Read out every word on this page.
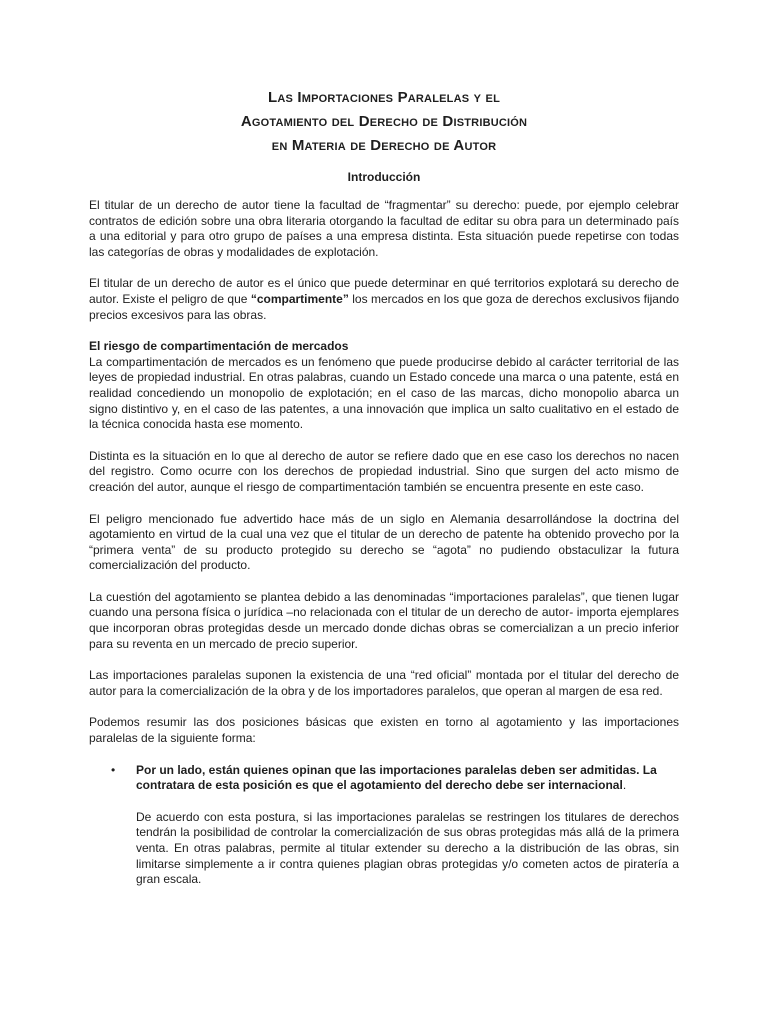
Las Importaciones Paralelas y el
Agotamiento del Derecho de Distribución
en Materia de Derecho de Autor
Introducción

El titular de un derecho de autor tiene la facultad de “fragmentar” su derecho: puede, por ejemplo celebrar contratos de edición sobre una obra literaria otorgando la facultad de editar su obra para un determinado país a una editorial y para otro grupo de países a una empresa distinta. Esta situación puede repetirse con todas las categorías de obras y modalidades de explotación.

El titular de un derecho de autor es el único que puede determinar en qué territorios explotará su derecho de autor. Existe el peligro de que “compartimente” los mercados en los que goza de derechos exclusivos fijando precios excesivos para las obras.

El riesgo de compartimentación de mercados

La compartimentación de mercados es un fenómeno que puede producirse debido al carácter territorial de las leyes de propiedad industrial. En otras palabras, cuando un Estado concede una marca o una patente, está en realidad concediendo un monopolio de explotación; en el caso de las marcas, dicho monopolio abarca un signo distintivo y, en el caso de las patentes, a una innovación que implica un salto cualitativo en el estado de la técnica conocida hasta ese momento.

Distinta es la situación en lo que al derecho de autor se refiere dado que en ese caso los derechos no nacen del registro. Como ocurre con los derechos de propiedad industrial. Sino que surgen del acto mismo de creación del autor, aunque el riesgo de compartimentación también se encuentra presente en este caso.

El peligro mencionado fue advertido hace más de un siglo en Alemania desarrollándose la doctrina del agotamiento en virtud de la cual una vez que el titular de un derecho de patente ha obtenido provecho por la “primera venta” de su producto protegido su derecho se “agota” no pudiendo obstaculizar la futura comercialización del producto.

La cuestión del agotamiento se plantea debido a las denominadas “importaciones paralelas”, que tienen lugar cuando una persona física o jurídica –no relacionada con el titular de un derecho de autor- importa ejemplares que incorporan obras protegidas desde un mercado donde dichas obras se comercializan a un precio inferior para su reventa en un mercado de precio superior.

Las importaciones paralelas suponen la existencia de una “red oficial” montada por el titular del derecho de autor para la comercialización de la obra y de los importadores paralelos, que operan al margen de esa red.

Podemos resumir las dos posiciones básicas que existen en torno al agotamiento y las importaciones paralelas de la siguiente forma:

• Por un lado, están quienes opinan que las importaciones paralelas deben ser admitidas. La contratara de esta posición es que el agotamiento del derecho debe ser internacional.

De acuerdo con esta postura, si las importaciones paralelas se restringen los titulares de derechos tendrán la posibilidad de controlar la comercialización de sus obras protegidas más allá de la primera venta. En otras palabras, permite al titular extender su derecho a la distribución de las obras, sin limitarse simplemente a ir contra quienes plagian obras protegidas y/o cometen actos de piratería a gran escala.
